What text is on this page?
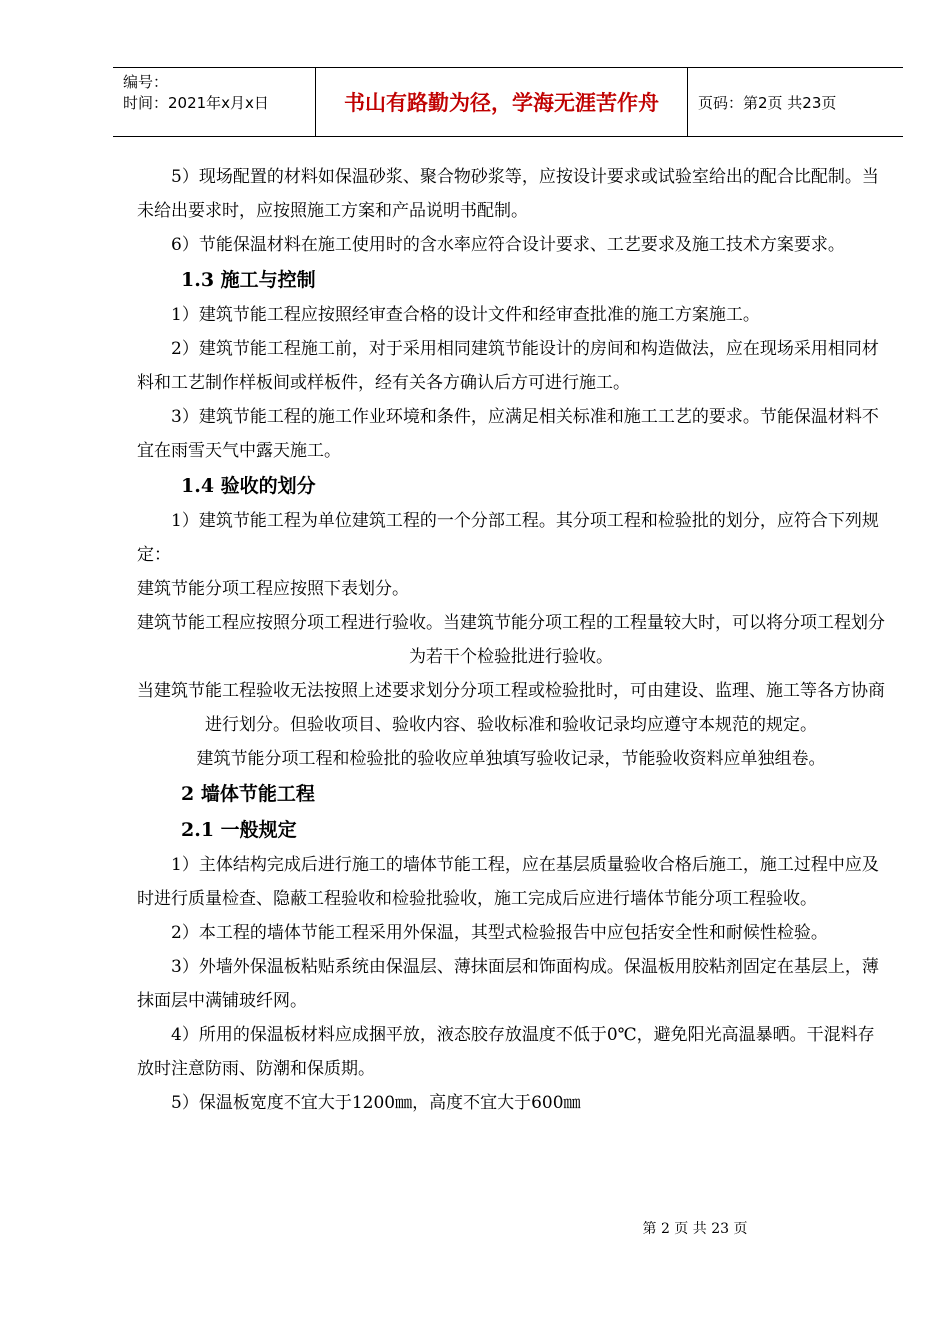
编号：
时间：2021年x月x日	书山有路勤为径，学海无涯苦作舟	页码：第2页 共23页

5）现场配置的材料如保温砂浆、聚合物砂浆等，应按设计要求或试验室给出的配合比配制。当未给出要求时，应按照施工方案和产品说明书配制。

6）节能保温材料在施工使用时的含水率应符合设计要求、工艺要求及施工技术方案要求。

1.3 施工与控制

1）建筑节能工程应按照经审查合格的设计文件和经审查批准的施工方案施工。

2）建筑节能工程施工前，对于采用相同建筑节能设计的房间和构造做法，应在现场采用相同材料和工艺制作样板间或样板件，经有关各方确认后方可进行施工。

3）建筑节能工程的施工作业环境和条件，应满足相关标准和施工工艺的要求。节能保温材料不宜在雨雪天气中露天施工。

1.4 验收的划分

1）建筑节能工程为单位建筑工程的一个分部工程。其分项工程和检验批的划分，应符合下列规定：

建筑节能分项工程应按照下表划分。

建筑节能工程应按照分项工程进行验收。当建筑节能分项工程的工程量较大时，可以将分项工程划分为若干个检验批进行验收。

当建筑节能工程验收无法按照上述要求划分分项工程或检验批时，可由建设、监理、施工等各方协商进行划分。但验收项目、验收内容、验收标准和验收记录均应遵守本规范的规定。

建筑节能分项工程和检验批的验收应单独填写验收记录，节能验收资料应单独组卷。

2 墙体节能工程

2.1 一般规定

1）主体结构完成后进行施工的墙体节能工程，应在基层质量验收合格后施工，施工过程中应及时进行质量检查、隐蔽工程验收和检验批验收，施工完成后应进行墙体节能分项工程验收。

2）本工程的墙体节能工程采用外保温，其型式检验报告中应包括安全性和耐候性检验。

3）外墙外保温板粘贴系统由保温层、薄抹面层和饰面构成。保温板用胶粘剂固定在基层上，薄抹面层中满铺玻纤网。

4）所用的保温板材料应成捆平放，液态胶存放温度不低于0℃，避免阳光高温暴晒。干混料存放时注意防雨、防潮和保质期。

5）保温板宽度不宜大于1200㎜，高度不宜大于600㎜

第 2 页 共 23 页
